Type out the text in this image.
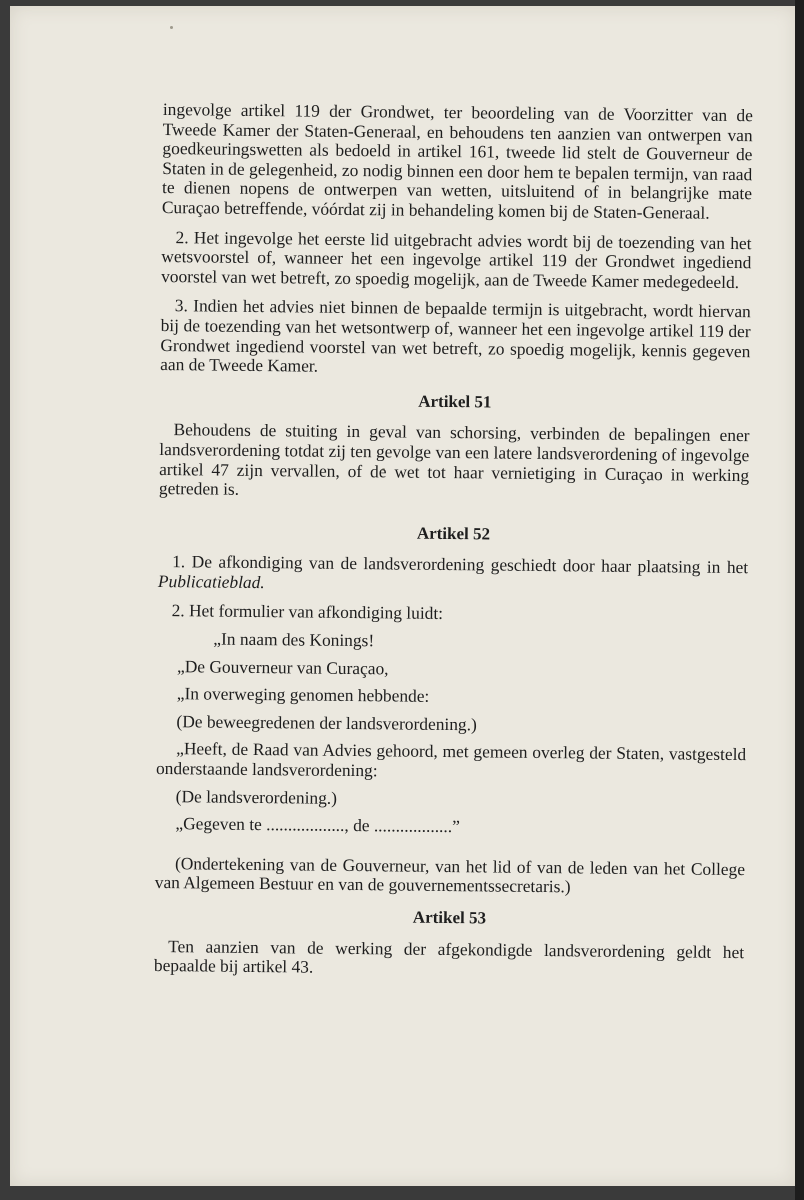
ingevolge artikel 119 der Grondwet, ter beoordeling van de Voorzitter van de Tweede Kamer der Staten-Generaal, en behoudens ten aanzien van ontwerpen van goedkeuringswetten als bedoeld in artikel 161, tweede lid stelt de Gouverneur de Staten in de gelegenheid, zo nodig binnen een door hem te bepalen termijn, van raad te dienen nopens de ontwerpen van wetten, uitsluitend of in belangrijke mate Curaçao betreffende, vóórdat zij in behandeling komen bij de Staten-Generaal.

2. Het ingevolge het eerste lid uitgebracht advies wordt bij de toezending van het wetsvoorstel of, wanneer het een ingevolge artikel 119 der Grondwet ingediend voorstel van wet betreft, zo spoedig mogelijk, aan de Tweede Kamer medegedeeld.

3. Indien het advies niet binnen de bepaalde termijn is uitgebracht, wordt hiervan bij de toezending van het wetsontwerp of, wanneer het een ingevolge artikel 119 der Grondwet ingediend voorstel van wet betreft, zo spoedig mogelijk, kennis gegeven aan de Tweede Kamer.

Artikel 51

Behoudens de stuiting in geval van schorsing, verbinden de bepalingen ener landsverordening totdat zij ten gevolge van een latere landsverordening of ingevolge artikel 47 zijn vervallen, of de wet tot haar vernietiging in Curaçao in werking getreden is.

Artikel 52

1. De afkondiging van de landsverordening geschiedt door haar plaatsing in het Publicatieblad.

2. Het formulier van afkondiging luidt:

„In naam des Konings!

„De Gouverneur van Curaçao,

„In overweging genomen hebbende:

(De beweegredenen der landsverordening.)

„Heeft, de Raad van Advies gehoord, met gemeen overleg der Staten, vastgesteld onderstaande landsverordening:

(De landsverordening.)

„Gegeven te .................., de ..................”

(Ondertekening van de Gouverneur, van het lid of van de leden van het College van Algemeen Bestuur en van de gouvernementssecretaris.)

Artikel 53

Ten aanzien van de werking der afgekondigde landsverordening geldt het bepaalde bij artikel 43.
